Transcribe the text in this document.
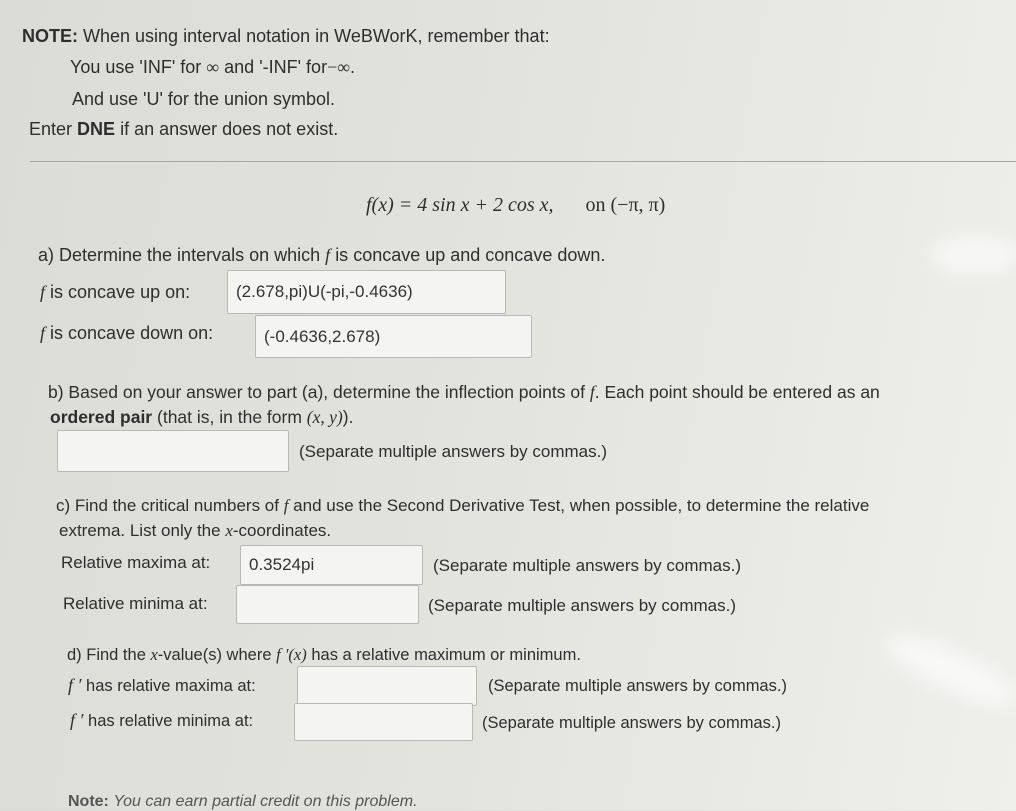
NOTE: When using interval notation in WeBWorK, remember that:
You use 'INF' for ∞ and '-INF' for−∞.
And use 'U' for the union symbol.
Enter DNE if an answer does not exist.
f(x) = 4 sin x + 2 cos x, on (−π, π)
a) Determine the intervals on which f is concave up and concave down.
f is concave up on:	(2.678,pi)U(-pi,-0.4636)
f is concave down on:	(-0.4636,2.678)
b) Based on your answer to part (a), determine the inflection points of f. Each point should be entered as an
ordered pair (that is, in the form (x, y)).
(Separate multiple answers by commas.)
c) Find the critical numbers of f and use the Second Derivative Test, when possible, to determine the relative
extrema. List only the x-coordinates.
Relative maxima at:	0.3524pi	(Separate multiple answers by commas.)
Relative minima at:	(Separate multiple answers by commas.)
d) Find the x-value(s) where f ′(x) has a relative maximum or minimum.
f ′ has relative maxima at:	(Separate multiple answers by commas.)
f ′ has relative minima at:	(Separate multiple answers by commas.)
Note: You can earn partial credit on this problem.
